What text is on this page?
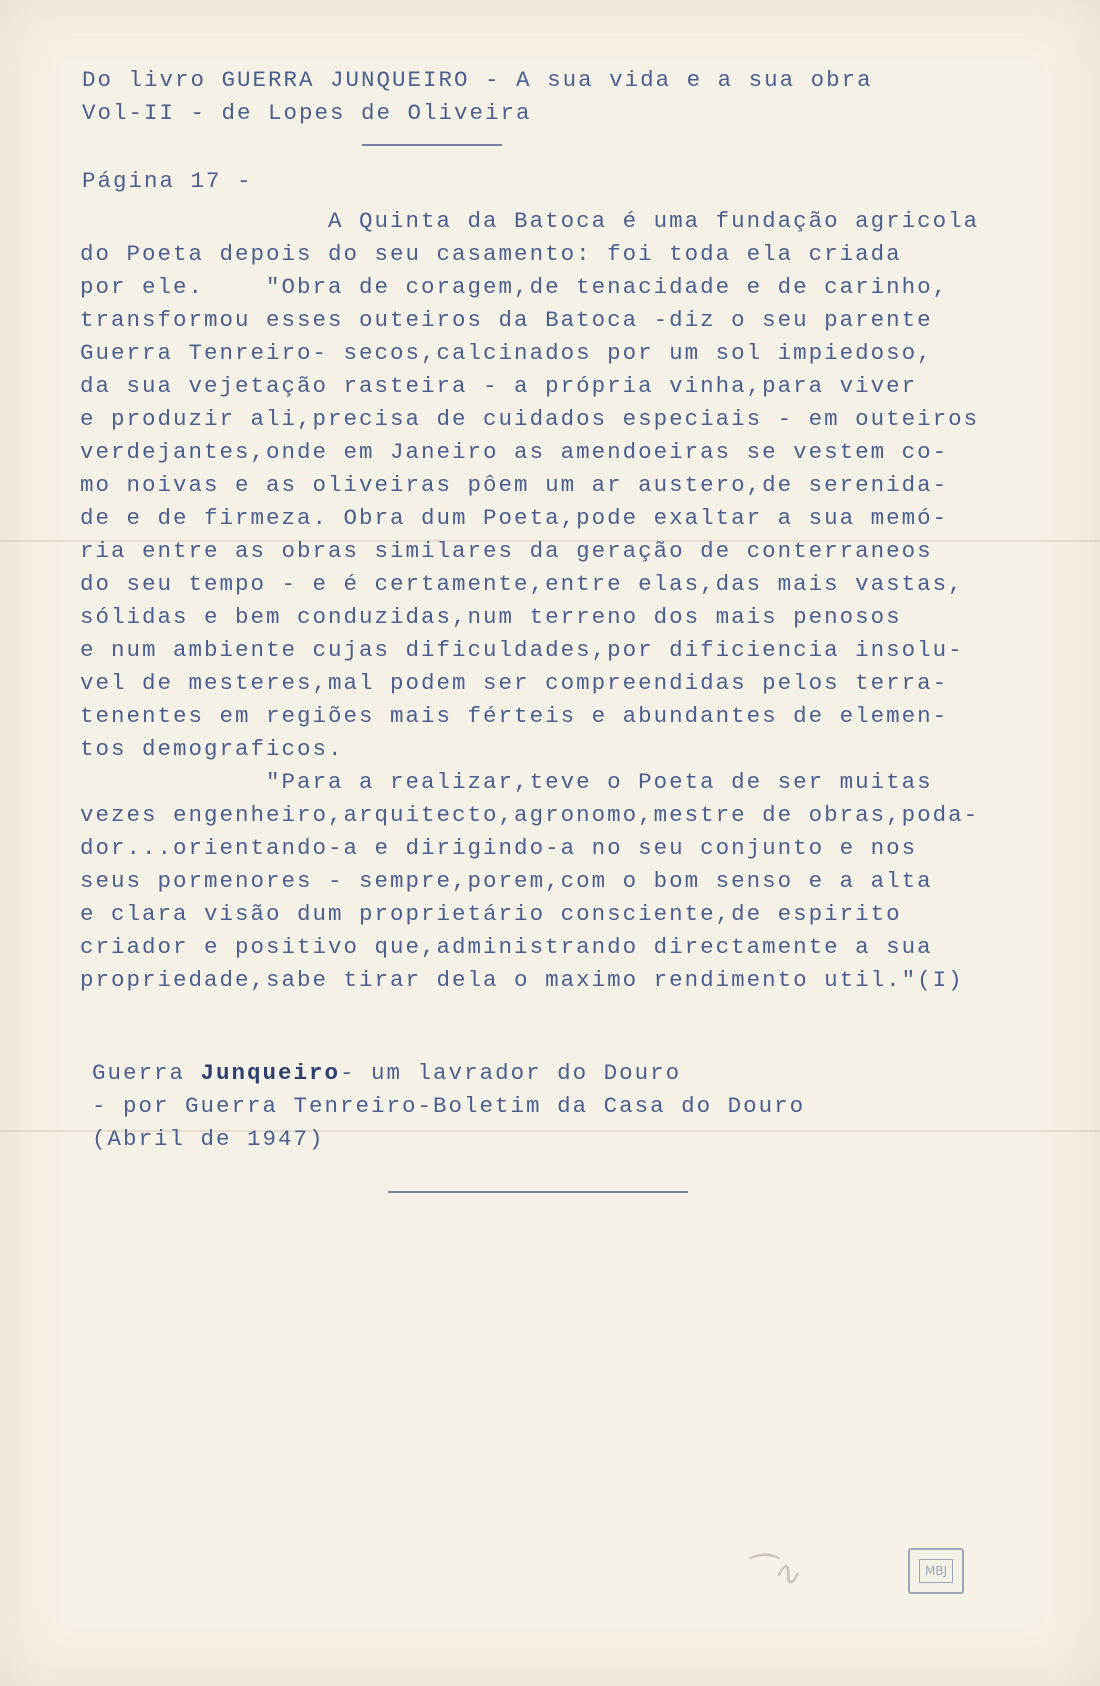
Do livro GUERRA JUNQUEIRO - A sua vida e a sua obra
Vol-II - de Lopes de Oliveira
Página 17 -
A Quinta da Batoca é uma fundação agricola
do Poeta depois do seu casamento: foi toda ela criada
por ele.    "Obra de coragem,de tenacidade e de carinho,
transformou esses outeiros da Batoca -diz o seu parente
Guerra Tenreiro- secos,calcinados por um sol impiedoso,
da sua vejetação rasteira - a própria vinha,para viver
e produzir ali,precisa de cuidados especiais - em outeiros
verdejantes,onde em Janeiro as amendoeiras se vestem co-
mo noivas e as oliveiras pôem um ar austero,de serenida-
de e de firmeza. Obra dum Poeta,pode exaltar a sua memó-
ria entre as obras similares da geração de conterraneos
do seu tempo - e é certamente,entre elas,das mais vastas,
sólidas e bem conduzidas,num terreno dos mais penosos
e num ambiente cujas dificuldades,por dificiencia insolu-
vel de mesteres,mal podem ser compreendidas pelos terra-
tenentes em regiões mais férteis e abundantes de elemen-
tos demograficos.
"Para a realizar,teve o Poeta de ser muitas
vezes engenheiro,arquitecto,agronomo,mestre de obras,poda-
dor...orientando-a e dirigindo-a no seu conjunto e nos
seus pormenores - sempre,porem,com o bom senso e a alta
e clara visão dum proprietário consciente,de espirito
criador e positivo que,administrando directamente a sua
propriedade,sabe tirar dela o maximo rendimento util."(I)
Guerra Junqueiro- um lavrador do Douro
- por Guerra Tenreiro-Boletim da Casa do Douro
(Abril de 1947)
⁀∿	MBJ
